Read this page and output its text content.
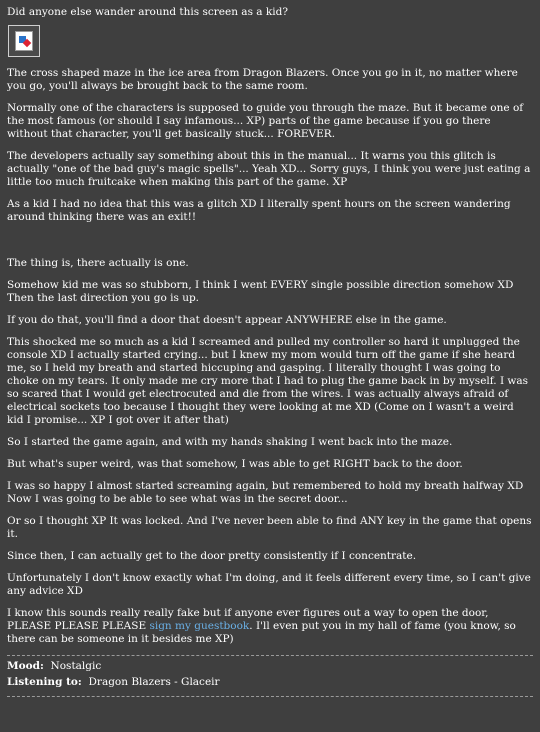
Did anyone else wander around this screen as a kid?

The cross shaped maze in the ice area from Dragon Blazers. Once you go in it, no matter where you go, you'll always be brought back to the same room.

Normally one of the characters is supposed to guide you through the maze. But it became one of the most famous (or should I say infamous... XP) parts of the game because if you go there without that character, you'll get basically stuck... FOREVER.

The developers actually say something about this in the manual... It warns you this glitch is actually "one of the bad guy's magic spells"... Yeah XD... Sorry guys, I think you were just eating a little too much fruitcake when making this part of the game. XP

As a kid I had no idea that this was a glitch XD I literally spent hours on the screen wandering around thinking there was an exit!!

The thing is, there actually is one.

Somehow kid me was so stubborn, I think I went EVERY single possible direction somehow XD Then the last direction you go is up.

If you do that, you'll find a door that doesn't appear ANYWHERE else in the game.

This shocked me so much as a kid I screamed and pulled my controller so hard it unplugged the console XD I actually started crying... but I knew my mom would turn off the game if she heard me, so I held my breath and started hiccuping and gasping. I literally thought I was going to choke on my tears. It only made me cry more that I had to plug the game back in by myself. I was so scared that I would get electrocuted and die from the wires. I was actually always afraid of electrical sockets too because I thought they were looking at me XD (Come on I wasn't a weird kid I promise... XP I got over it after that)

So I started the game again, and with my hands shaking I went back into the maze.

But what's super weird, was that somehow, I was able to get RIGHT back to the door.

I was so happy I almost started screaming again, but remembered to hold my breath halfway XD Now I was going to be able to see what was in the secret door...

Or so I thought XP It was locked. And I've never been able to find ANY key in the game that opens it.

Since then, I can actually get to the door pretty consistently if I concentrate.

Unfortunately I don't know exactly what I'm doing, and it feels different every time, so I can't give any advice XD

I know this sounds really really fake but if anyone ever figures out a way to open the door, PLEASE PLEASE PLEASE sign my guestbook. I'll even put you in my hall of fame (you know, so there can be someone in it besides me XP)

Mood: Nostalgic
Listening to: Dragon Blazers - Glaceir
